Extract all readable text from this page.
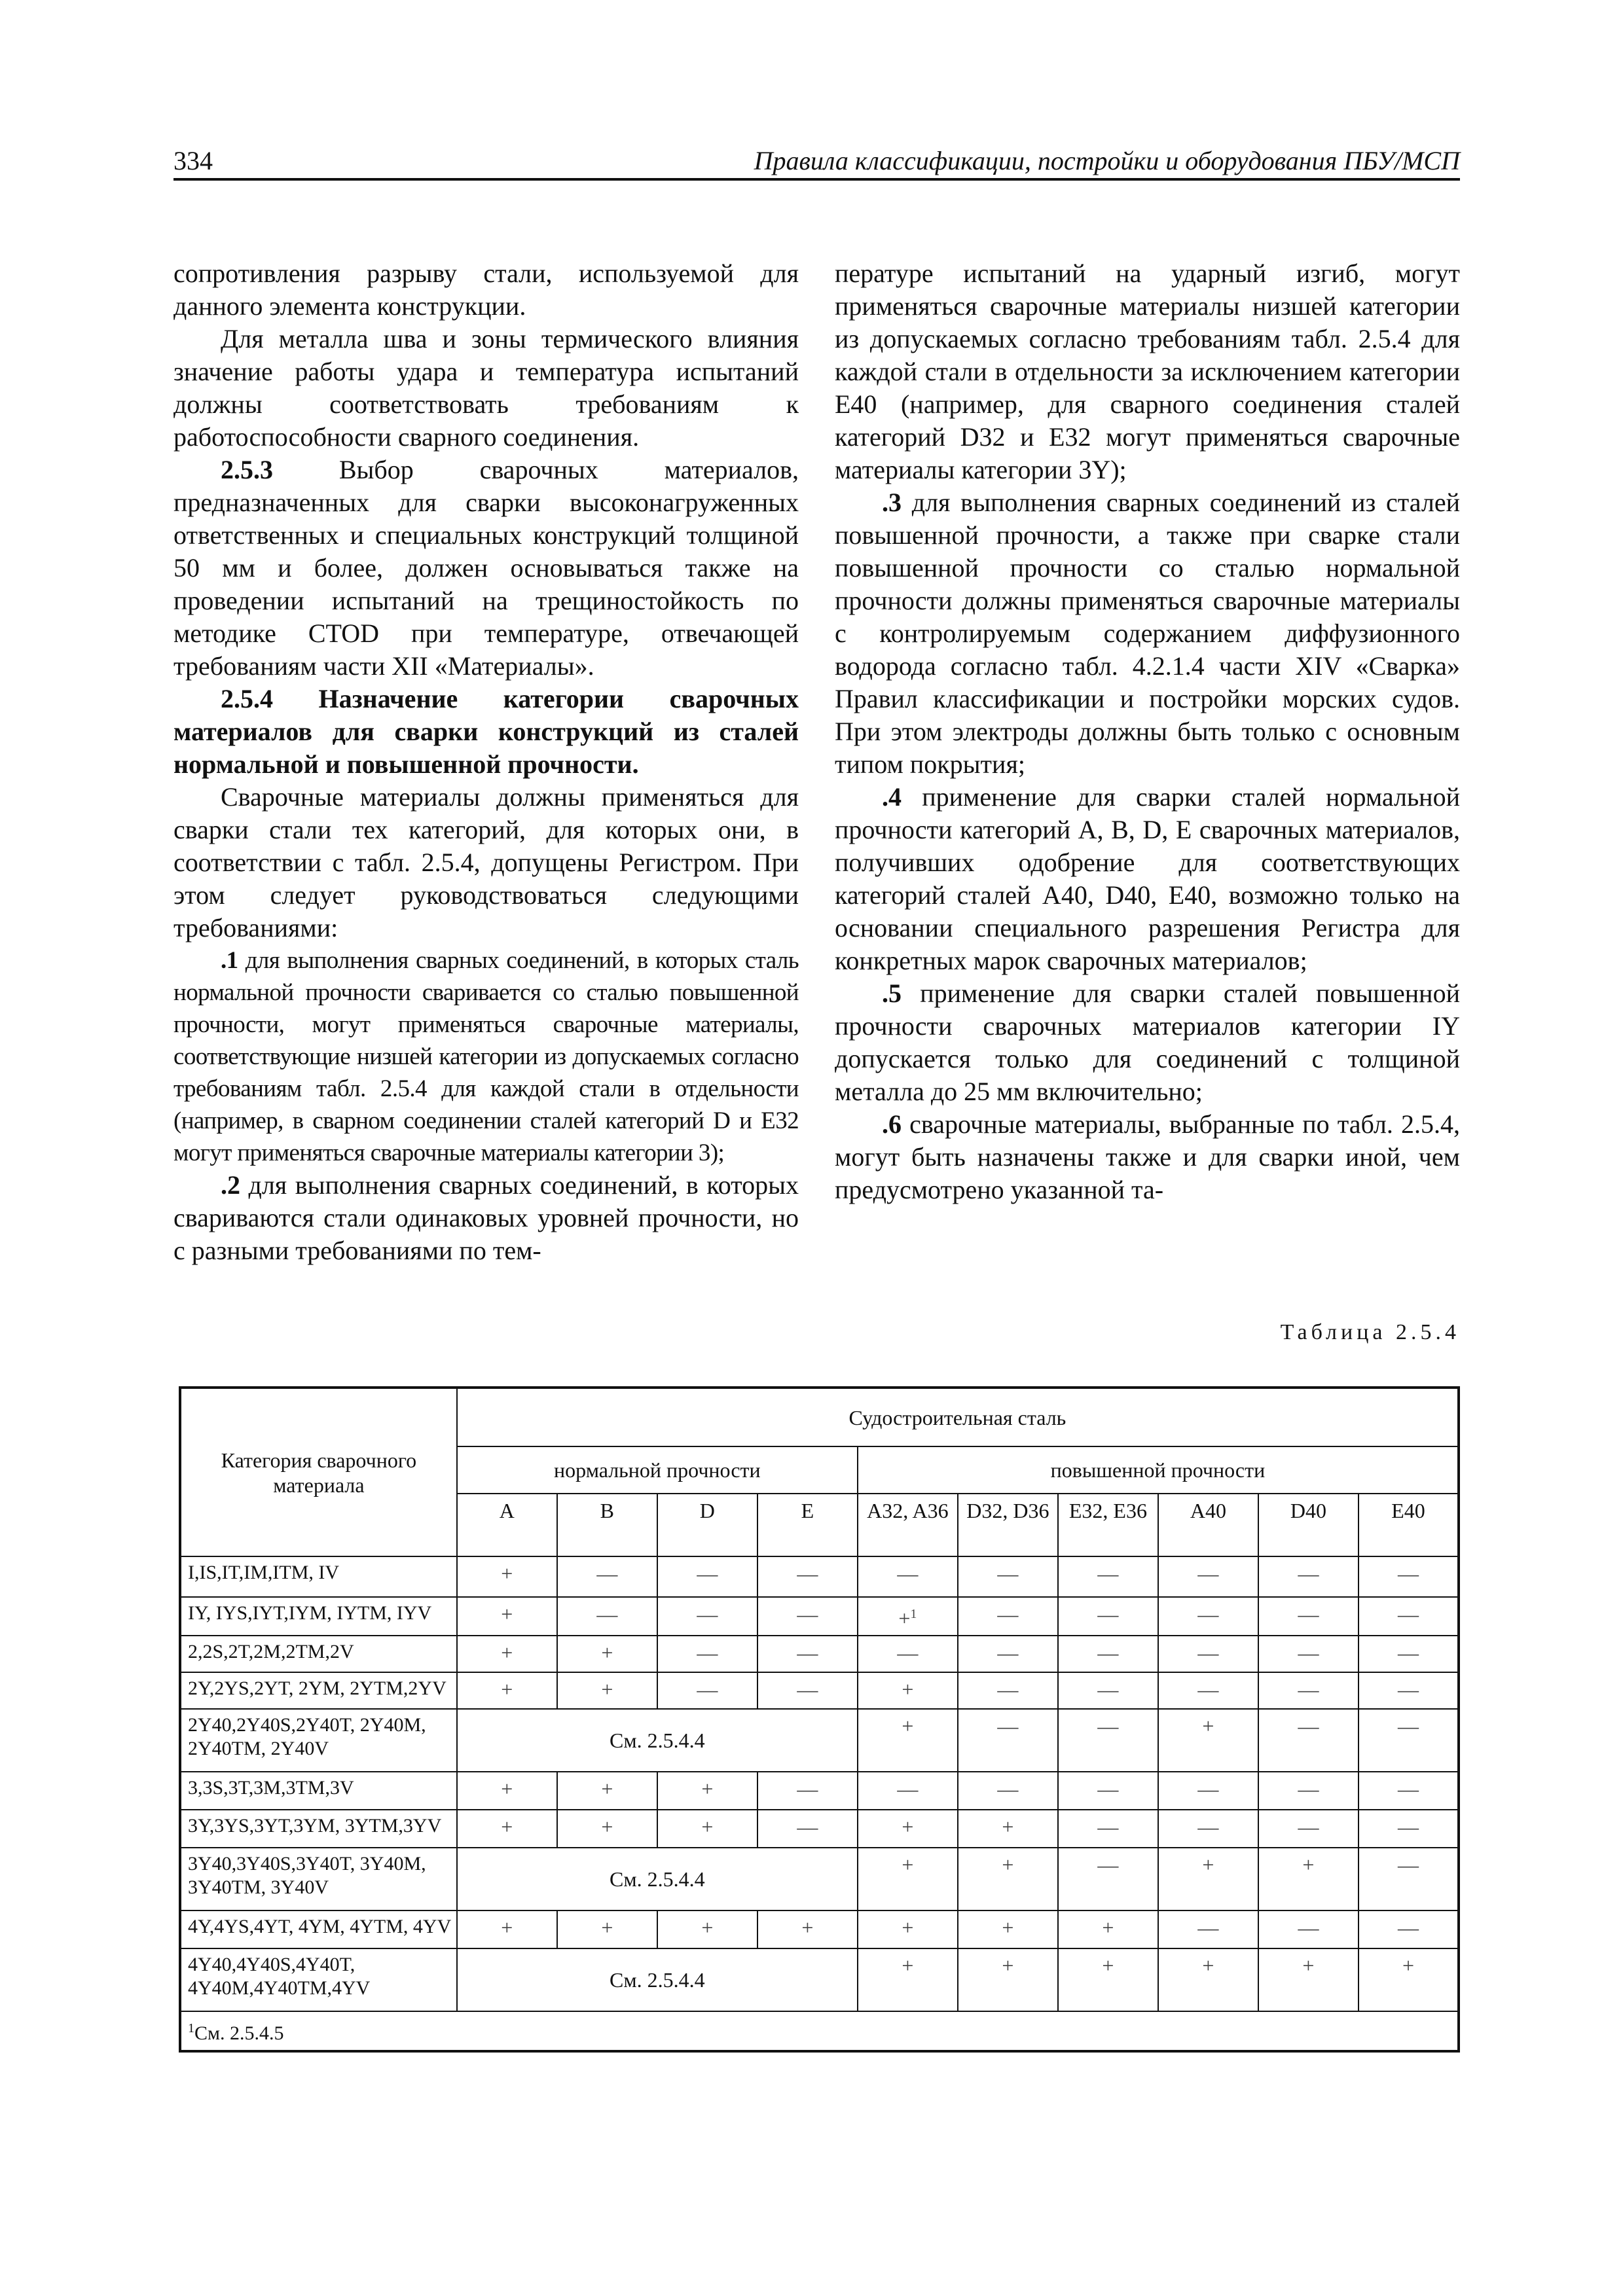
334	Правила классификации, постройки и оборудования ПБУ/МСП

сопротивления разрыву стали, используемой для данного элемента конструкции.

Для металла шва и зоны термического влияния значение работы удара и температура испытаний должны соответствовать требованиям к работоспособности сварного соединения.

2.5.3 Выбор сварочных материалов, предназначенных для сварки высоконагруженных ответственных и специальных конструкций толщиной 50 мм и более, должен основываться также на проведении испытаний на трещиностойкость по методике CTOD при температуре, отвечающей требованиям части XII «Материалы».

2.5.4 Назначение категории сварочных материалов для сварки конструкций из сталей нормальной и повышенной прочности.

Сварочные материалы должны применяться для сварки стали тех категорий, для которых они, в соответствии с табл. 2.5.4, допущены Регистром. При этом следует руководствоваться следующими требованиями:

.1 для выполнения сварных соединений, в которых сталь нормальной прочности сваривается со сталью повышенной прочности, могут применяться сварочные материалы, соответствующие низшей категории из допускаемых согласно требованиям табл. 2.5.4 для каждой стали в отдельности (например, в сварном соединении сталей категорий D и E32 могут применяться сварочные материалы категории 3);

.2 для выполнения сварных соединений, в которых свариваются стали одинаковых уровней прочности, но с разными требованиями по тем-

пературе испытаний на ударный изгиб, могут применяться сварочные материалы низшей категории из допускаемых согласно требованиям табл. 2.5.4 для каждой стали в отдельности за исключением категории E40 (например, для сварного соединения сталей категорий D32 и E32 могут применяться сварочные материалы категории 3Y);

.3 для выполнения сварных соединений из сталей повышенной прочности, а также при сварке стали повышенной прочности со сталью нормальной прочности должны применяться сварочные материалы с контролируемым содержанием диффузионного водорода согласно табл. 4.2.1.4 части XIV «Сварка» Правил классификации и постройки морских судов. При этом электроды должны быть только с основным типом покрытия;

.4 применение для сварки сталей нормальной прочности категорий A, B, D, E сварочных материалов, получивших одобрение для соответствующих категорий сталей A40, D40, E40, возможно только на основании специального разрешения Регистра для конкретных марок сварочных материалов;

.5 применение для сварки сталей повышенной прочности сварочных материалов категории IY допускается только для соединений с толщиной металла до 25 мм включительно;

.6 сварочные материалы, выбранные по табл. 2.5.4, могут быть назначены также и для сварки иной, чем предусмотрено указанной та-

Таблица 2.5.4
Категория сварочного материала	Судостроительная сталь									
	нормальной прочности				повышенной прочности					
	A	B	D	E	A32, A36	D32, D36	E32, E36	A40	D40	E40
I,IS,IT,IM,ITM, IV	+	—	—	—	—	—	—	—	—	—
IY, IYS,IYT,IYM, IYTM, IYV	+	—	—	—	+$^1$	—	—	—	—	—
2,2S,2T,2M,2TM,2V	+	+	—	—	—	—	—	—	—	—
2Y,2YS,2YT, 2YM, 2YTM,2YV	+	+	—	—	+	—	—	—	—	—
2Y40,2Y40S,2Y40T, 2Y40M, 2Y40TM, 2Y40V	См. 2.5.4.4				+	—	—	+	—	—
3,3S,3T,3M,3TM,3V	+	+	+	—	—	—	—	—	—	—
3Y,3YS,3YT,3YM, 3YTM,3YV	+	+	+	—	+	+	—	—	—	—
3Y40,3Y40S,3Y40T, 3Y40M, 3Y40TM, 3Y40V	См. 2.5.4.4				+	+	—	+	+	—
4Y,4YS,4YT, 4YM, 4YTM, 4YV	+	+	+	+	+	+	+	—	—	—
4Y40,4Y40S,4Y40T, 4Y40M,4Y40TM,4YV	См. 2.5.4.4				+	+	+	+	+	+
$^1$См. 2.5.4.5										
